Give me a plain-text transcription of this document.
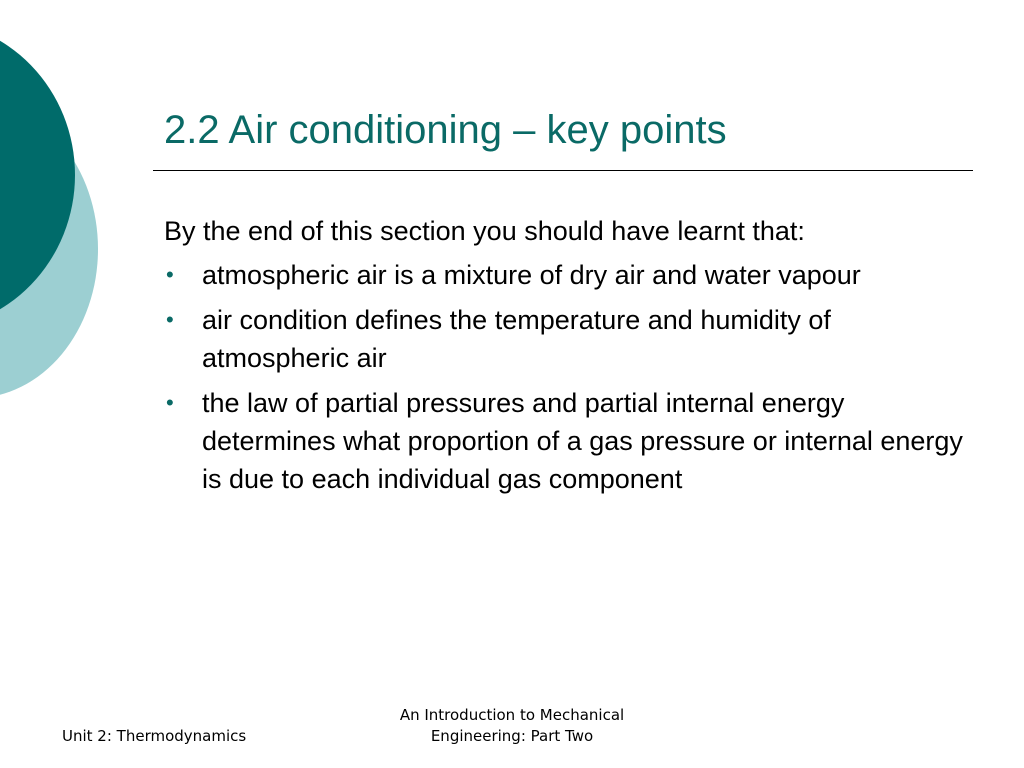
2.2 Air conditioning – key points
By the end of this section you should have learnt that:
• atmospheric air is a mixture of dry air and water vapour
• air condition defines the temperature and humidity of atmospheric air
• the law of partial pressures and partial internal energy determines what proportion of a gas pressure or internal energy is due to each individual gas component
Unit 2: Thermodynamics
An Introduction to Mechanical
Engineering: Part Two
